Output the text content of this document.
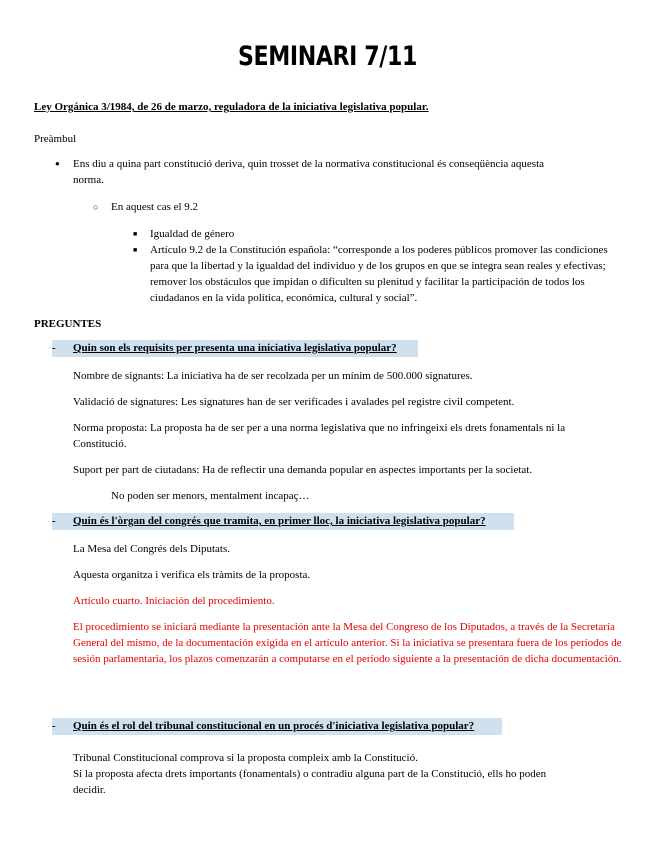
SEMINARI 7/11
Ley Orgánica 3/1984, de 26 de marzo, reguladora de la iniciativa legislativa popular.
Preàmbul
● Ens diu a quina part constitució deriva, quin trosset de la normativa constitucional és conseqüència aquesta norma.
○ En aquest cas el 9.2
■ Igualdad de género
■ Artículo 9.2 de la Constitución española: “corresponde a los poderes públicos promover las condiciones para que la libertad y la igualdad del individuo y de los grupos en que se integra sean reales y efectivas; remover los obstáculos que impidan o dificulten su plenitud y facilitar la participación de todos los ciudadanos en la vida política, económica, cultural y social”.
PREGUNTES
- Quin son els requisits per presenta una iniciativa legislativa popular?
Nombre de signants: La iniciativa ha de ser recolzada per un mínim de 500.000 signatures.
Validació de signatures: Les signatures han de ser verificades i avalades pel registre civil competent.
Norma proposta: La proposta ha de ser per a una norma legislativa que no infringeixi els drets fonamentals ni la Constitució.
Suport per part de ciutadans: Ha de reflectir una demanda popular en aspectes importants per la societat.
No poden ser menors, mentalment incapaç…
- Quin és l'òrgan del congrés que tramita, en primer lloc, la iniciativa legislativa popular?
La Mesa del Congrés dels Diputats.
Aquesta organitza i verifica els tràmits de la proposta.
Artículo cuarto. Iniciación del procedimiento.
El procedimiento se iniciará mediante la presentación ante la Mesa del Congreso de los Diputados, a través de la Secretaría General del mismo, de la documentación exigida en el artículo anterior. Si la iniciativa se presentara fuera de los períodos de sesión parlamentaria, los plazos comenzarán a computarse en el período siguiente a la presentación de dicha documentación.
- Quin és el rol del tribunal constitucional en un procés d'iniciativa legislativa popular?
Tribunal Constitucional comprova si la proposta compleix amb la Constitució.
Si la proposta afecta drets importants (fonamentals) o contradiu alguna part de la Constitució, ells ho poden decidir.
